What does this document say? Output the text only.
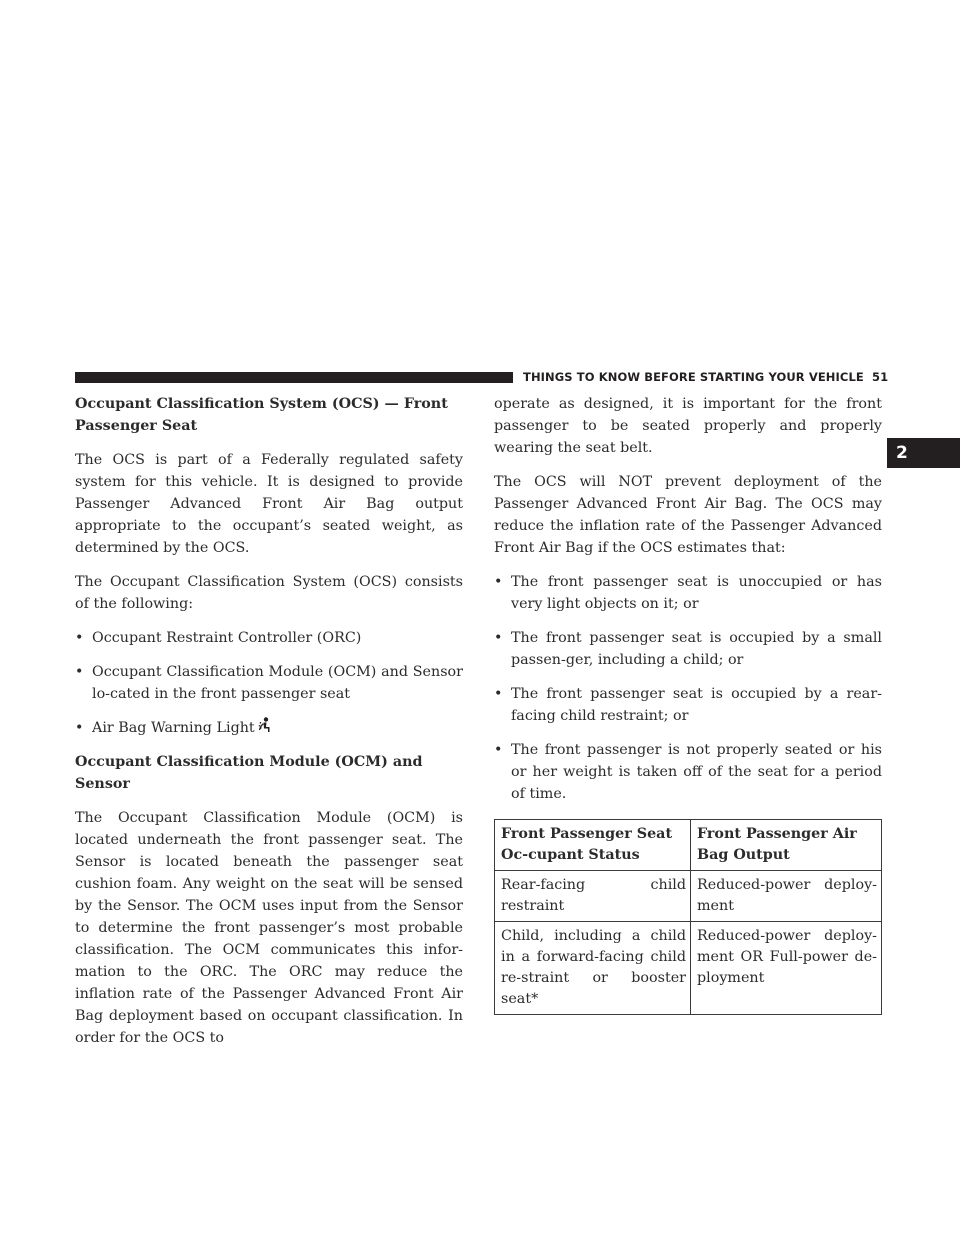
THINGS TO KNOW BEFORE STARTING YOUR VEHICLE 51
2
Occupant Classification System (OCS) — Front Passenger Seat

The OCS is part of a Federally regulated safety system for this vehicle. It is designed to provide Passenger Advanced Front Air Bag output appropriate to the occupant’s seated weight, as determined by the OCS.

The Occupant Classification System (OCS) consists of the following:

• Occupant Restraint Controller (ORC)
• Occupant Classification Module (OCM) and Sensor lo-cated in the front passenger seat
• Air Bag Warning Light
Occupant Classification Module (OCM) and Sensor

The Occupant Classification Module (OCM) is located underneath the front passenger seat. The Sensor is located beneath the passenger seat cushion foam. Any weight on the seat will be sensed by the Sensor. The OCM uses input from the Sensor to determine the front passenger’s most probable classification. The OCM communicates this infor-mation to the ORC. The ORC may reduce the inflation rate of the Passenger Advanced Front Air Bag deployment based on occupant classification. In order for the OCS to

operate as designed, it is important for the front passenger to be seated properly and properly wearing the seat belt.

The OCS will NOT prevent deployment of the Passenger Advanced Front Air Bag. The OCS may reduce the inflation rate of the Passenger Advanced Front Air Bag if the OCS estimates that:

• The front passenger seat is unoccupied or has very light objects on it; or
• The front passenger seat is occupied by a small passen-ger, including a child; or
• The front passenger seat is occupied by a rear-facing child restraint; or
• The front passenger is not properly seated or his or her weight is taken off of the seat for a period of time.
Front Passenger Seat Oc-cupant Status	Front Passenger Air Bag Output
Rear-facing child restraint	Reduced-power deploy-ment
Child, including a child in a forward-facing child re-straint or booster seat*	Reduced-power deploy-ment OR Full-power de-ployment
